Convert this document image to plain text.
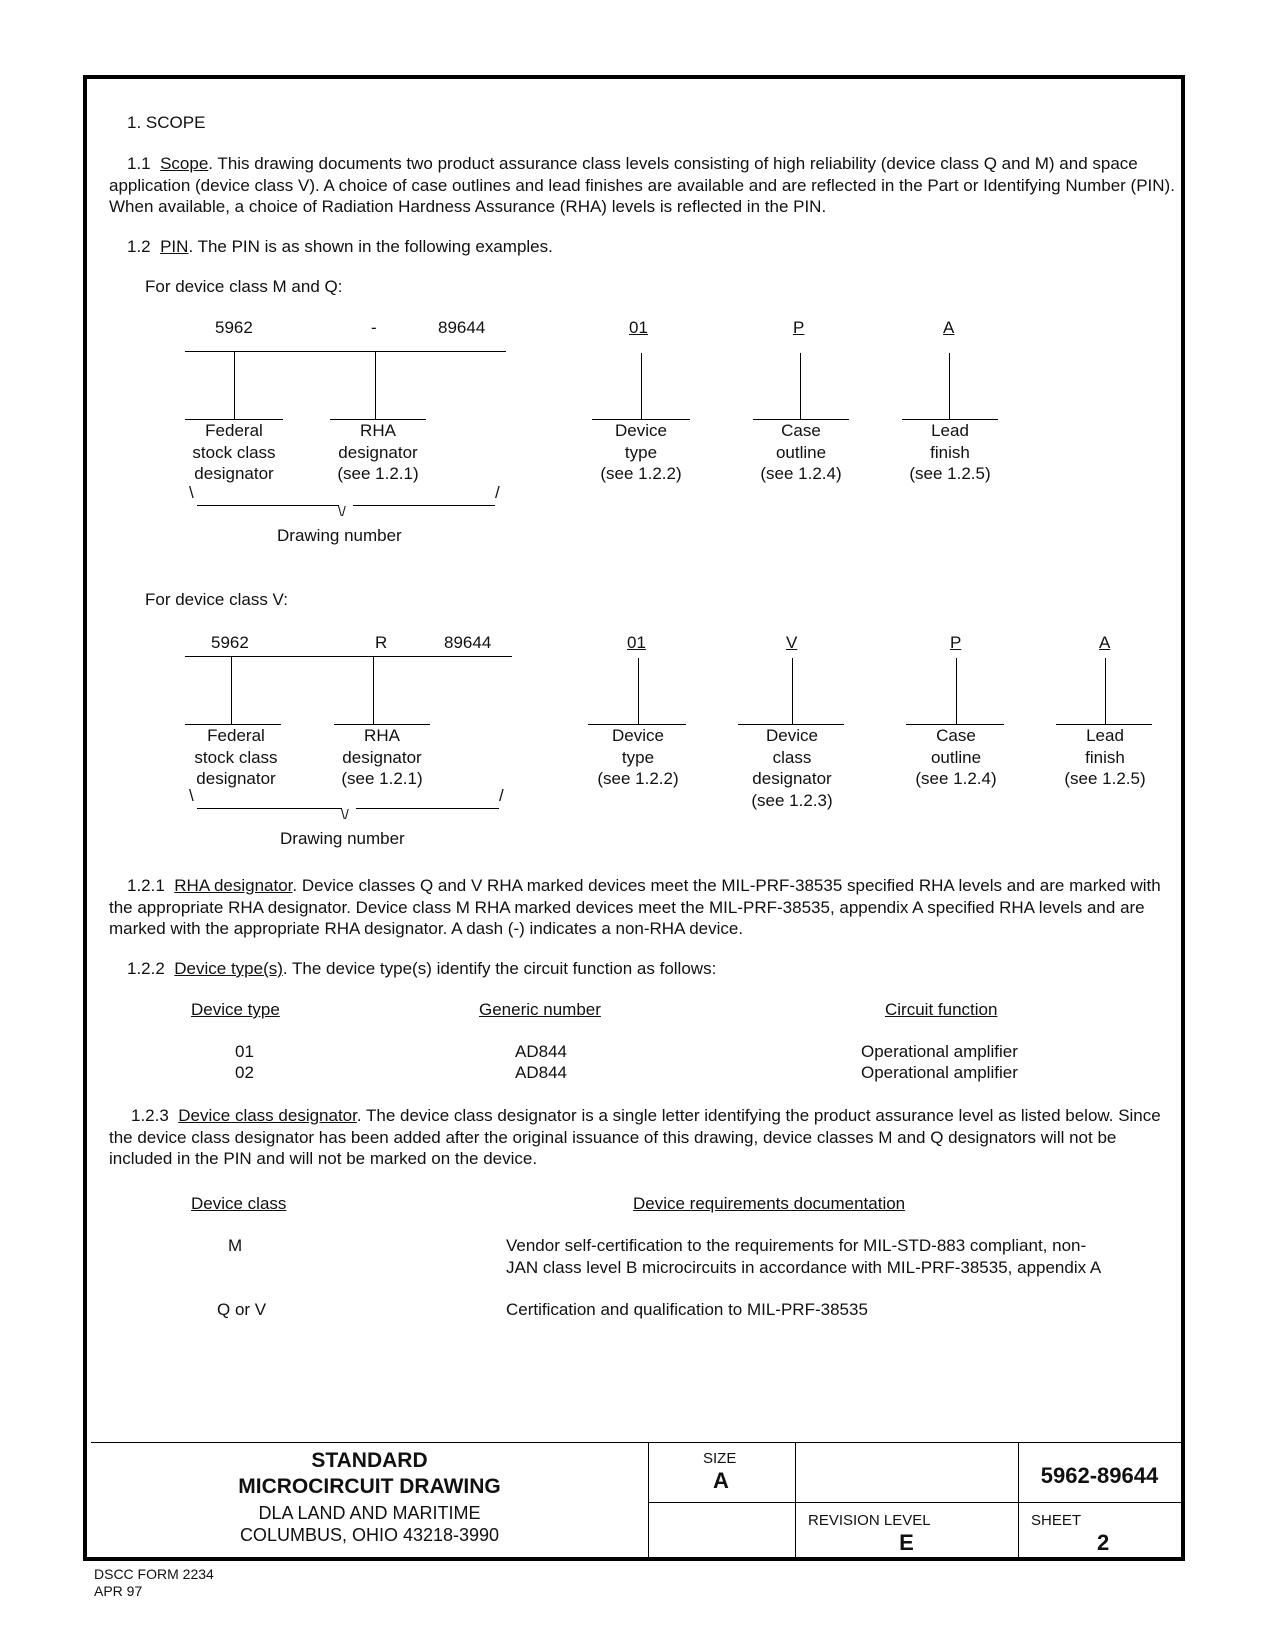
1. SCOPE
1.1 Scope. This drawing documents two product assurance class levels consisting of high reliability (device class Q and M) and space application (device class V). A choice of case outlines and lead finishes are available and are reflected in the Part or Identifying Number (PIN). When available, a choice of Radiation Hardness Assurance (RHA) levels is reflected in the PIN.
1.2 PIN. The PIN is as shown in the following examples.
For device class M and Q:
5962	-	89644	01	P	A
Federal
stock class
designator
RHA
designator
(see 1.2.1)
Device
type
(see 1.2.2)
Case
outline
(see 1.2.4)
Lead
finish
(see 1.2.5)
\	/
\/
Drawing number
For device class V:
5962	R	89644	01	V	P	A
Federal
stock class
designator
RHA
designator
(see 1.2.1)
Device
type
(see 1.2.2)
Device
class
designator
(see 1.2.3)
Case
outline
(see 1.2.4)
Lead
finish
(see 1.2.5)
\	/
\/
Drawing number
1.2.1 RHA designator. Device classes Q and V RHA marked devices meet the MIL-PRF-38535 specified RHA levels and are marked with the appropriate RHA designator. Device class M RHA marked devices meet the MIL-PRF-38535, appendix A specified RHA levels and are marked with the appropriate RHA designator. A dash (-) indicates a non-RHA device.
1.2.2 Device type(s). The device type(s) identify the circuit function as follows:
Device type	Generic number	Circuit function
01	AD844	Operational amplifier
02	AD844	Operational amplifier
1.2.3 Device class designator. The device class designator is a single letter identifying the product assurance level as listed below. Since the device class designator has been added after the original issuance of this drawing, device classes M and Q designators will not be included in the PIN and will not be marked on the device.
Device class	Device requirements documentation
M	Vendor self-certification to the requirements for MIL-STD-883 compliant, non-
JAN class level B microcircuits in accordance with MIL-PRF-38535, appendix A
Q or V	Certification and qualification to MIL-PRF-38535
STANDARD
MICROCIRCUIT DRAWING
DLA LAND AND MARITIME
COLUMBUS, OHIO 43218-3990
SIZE
A	5962-89644
REVISION LEVEL
E
SHEET
2
DSCC FORM 2234
APR 97
